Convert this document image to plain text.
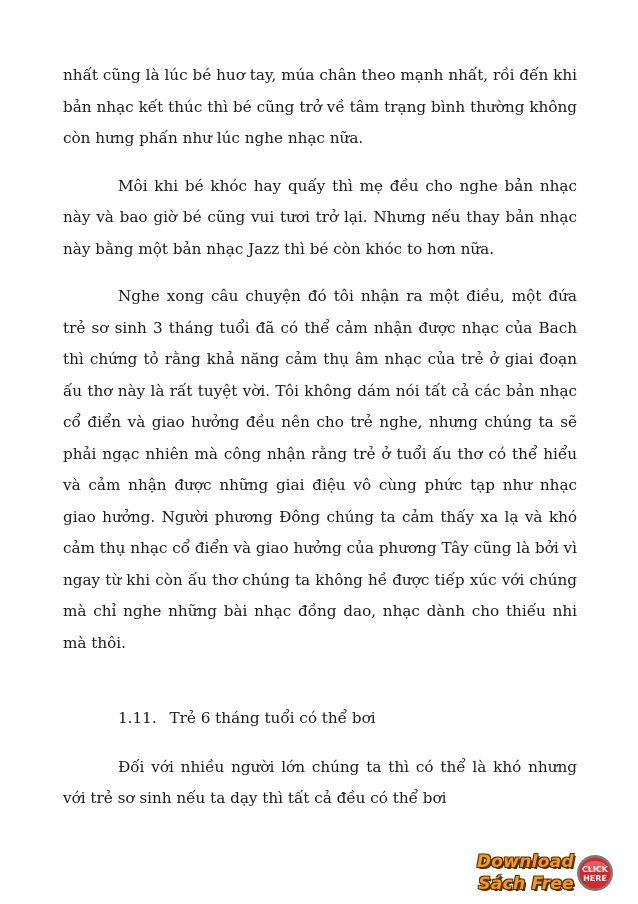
nhất cũng là lúc bé huơ tay, múa chân theo mạnh nhất, rồi đến khi bản nhạc kết thúc thì bé cũng trở về tâm trạng bình thường không còn hưng phấn như lúc nghe nhạc nữa.

Môi khi bé khóc hay quấy thì mẹ đều cho nghe bản nhạc này và bao giờ bé cũng vui tươi trở lại. Nhưng nếu thay bản nhạc này bằng một bản nhạc Jazz thì bé còn khóc to hơn nữa.

Nghe xong câu chuyện đó tôi nhận ra một điều, một đứa trẻ sơ sinh 3 tháng tuổi đã có thể cảm nhận được nhạc của Bach thì chứng tỏ rằng khả năng cảm thụ âm nhạc của trẻ ở giai đoạn ấu thơ này là rất tuyệt vời. Tôi không dám nói tất cả các bản nhạc cổ điển và giao hưởng đều nên cho trẻ nghe, nhưng chúng ta sẽ phải ngạc nhiên mà công nhận rằng trẻ ở tuổi ấu thơ có thể hiểu và cảm nhận được những giai điệu vô cùng phức tạp như nhạc giao hưởng. Người phương Đông chúng ta cảm thấy xa lạ và khó cảm thụ nhạc cổ điển và giao hưởng của phương Tây cũng là bởi vì ngay từ khi còn ấu thơ chúng ta không hề được tiếp xúc với chúng mà chỉ nghe những bài nhạc đồng dao, nhạc dành cho thiếu nhi mà thôi.

1.11. Trẻ 6 tháng tuổi có thể bơi

Đối với nhiều người lớn chúng ta thì có thể là khó nhưng với trẻ sơ sinh nếu ta dạy thì tất cả đều có thể bơi

Download
Sách Free
CLICK
HERE
